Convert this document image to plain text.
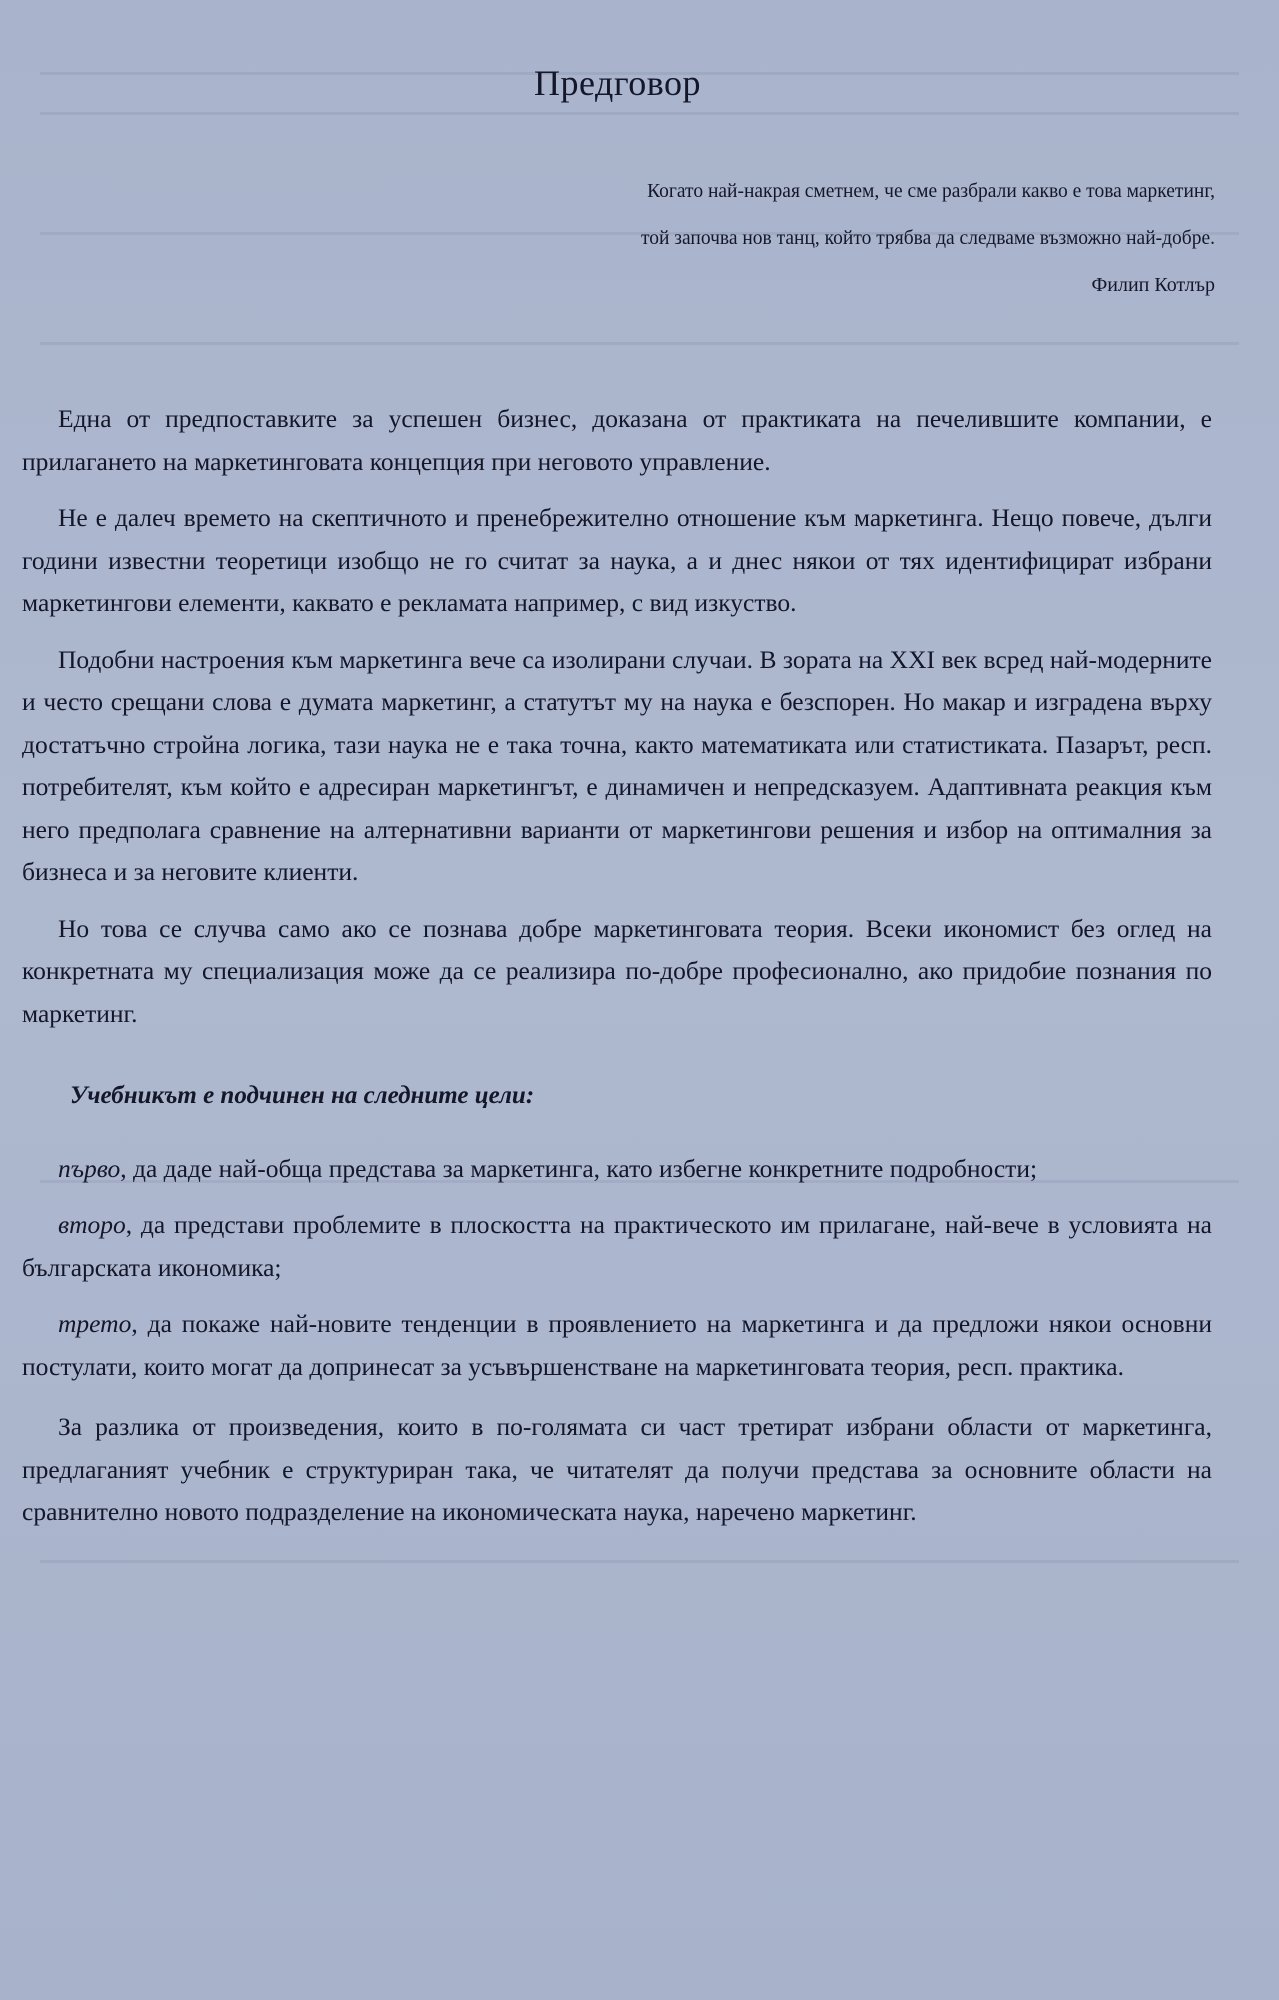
Предговор
Когато най-накрая сметнем, че сме разбрали какво е това маркетинг,
той започва нов танц, който трябва да следваме възможно най-добре.
Филип Котлър

Една от предпоставките за успешен бизнес, доказана от практиката на печелившите компании, е прилагането на маркетинговата концепция при неговото управление.

Не е далеч времето на скептичното и пренебрежително отношение към маркетинга. Нещо повече, дълги години известни теоретици изобщо не го считат за наука, а и днес някои от тях идентифицират избрани маркетингови елементи, каквато е рекламата например, с вид изкуство.

Подобни настроения към маркетинга вече са изолирани случаи. В зората на XXI век всред най-модерните и често срещани слова е думата маркетинг, а статутът му на наука е безспорен. Но макар и изградена върху достатъчно стройна логика, тази наука не е така точна, както математиката или статистиката. Пазарът, респ. потребителят, към който е адресиран маркетингът, е динамичен и непредсказуем. Адаптивната реакция към него предполага сравнение на алтернативни варианти от маркетингови решения и избор на оптималния за бизнеса и за неговите клиенти.

Но това се случва само ако се познава добре маркетинговата теория. Всеки икономист без оглед на конкретната му специализация може да се реализира по-добре професионално, ако придобие познания по маркетинг.

Учебникът е подчинен на следните цели:

първо, да даде най-обща представа за маркетинга, като избегне конкретните подробности;

второ, да представи проблемите в плоскостта на практическото им прилагане, най-вече в условията на българската икономика;

трето, да покаже най-новите тенденции в проявлението на маркетинга и да предложи някои основни постулати, които могат да допринесат за усъвършенстване на маркетинговата теория, респ. практика.

За разлика от произведения, които в по-голямата си част третират избрани области от маркетинга, предлаганият учебник е структуриран така, че читателят да получи представа за основните области на сравнително новото подразделение на икономическата наука, наречено маркетинг.
